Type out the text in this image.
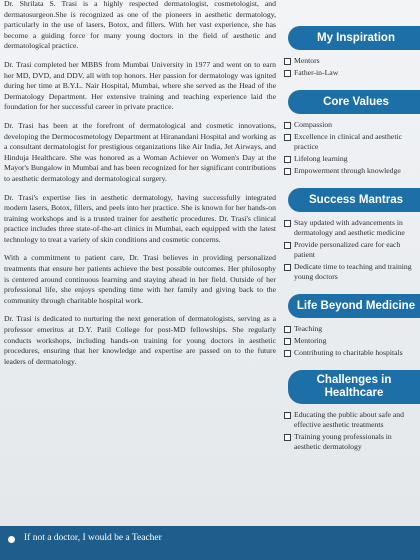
Dr. Shrilata S. Trasi is a highly respected dermatologist, cosmetologist, and dermatosurgeon.She is recognized as one of the pioneers in aesthetic dermatology, particularly in the use of lasers, Botox, and fillers. With her vast experience, she has become a guiding force for many young doctors in the field of aesthetic and dermatological practice.

Dr. Trasi completed her MBBS from Mumbai University in 1977 and went on to earn her MD, DVD, and DDV, all with top honors. Her passion for dermatology was ignited during her time at B.Y.L. Nair Hospital, Mumbai, where she served as the Head of the Dermatology Department. Her extensive training and teaching experience laid the foundation for her successful career in private practice.

Dr. Trasi has been at the forefront of dermatological and cosmetic innovations, developing the Dermocosmetology Department at Hiranandani Hospital and working as a consultant dermatologist for prestigious organizations like Air India, Jet Airways, and Hinduja Healthcare. She was honored as a Woman Achiever on Women's Day at the Mayor's Bungalow in Mumbai and has been recognized for her significant contributions to aesthetic dermatology and dermatological surgery.

Dr. Trasi's expertise lies in aesthetic dermatology, having successfully integrated modern lasers, Botox, fillers, and peels into her practice. She is known for her hands-on training workshops and is a trusted trainer for aesthetic procedures. Dr. Trasi's clinical practice includes three state-of-the-art clinics in Mumbai, each equipped with the latest technology to treat a variety of skin conditions and cosmetic concerns.

With a commitment to patient care, Dr. Trasi believes in providing personalized treatments that ensure her patients achieve the best possible outcomes. Her philosophy is centered around continuous learning and staying ahead in her field. Outside of her professional life, she enjoys spending time with her family and giving back to the community through charitable hospital work.

Dr. Trasi is dedicated to nurturing the next generation of dermatologists, serving as a professor emeritus at D.Y. Patil College for post-MD fellowships. She regularly conducts workshops, including hands-on training for young doctors in aesthetic procedures, ensuring that her knowledge and expertise are passed on to the future leaders of dermatology.

My Inspiration
Mentors
Father-in-Law
Core Values
Compassion
Excellence in clinical and aesthetic practice
Lifelong learning
Empowerment through knowledge
Success Mantras
Stay updated with advancements in dermatology and aesthetic medicine
Provide personalized care for each patient
Dedicate time to teaching and training young doctors
Life Beyond Medicine
Teaching
Mentoring
Contributing to charitable hospitals
Challenges in Healthcare
Educating the public about safe and effective aesthetic treatments
Training young professionals in aesthetic dermatology
If not a doctor, I would be a Teacher
